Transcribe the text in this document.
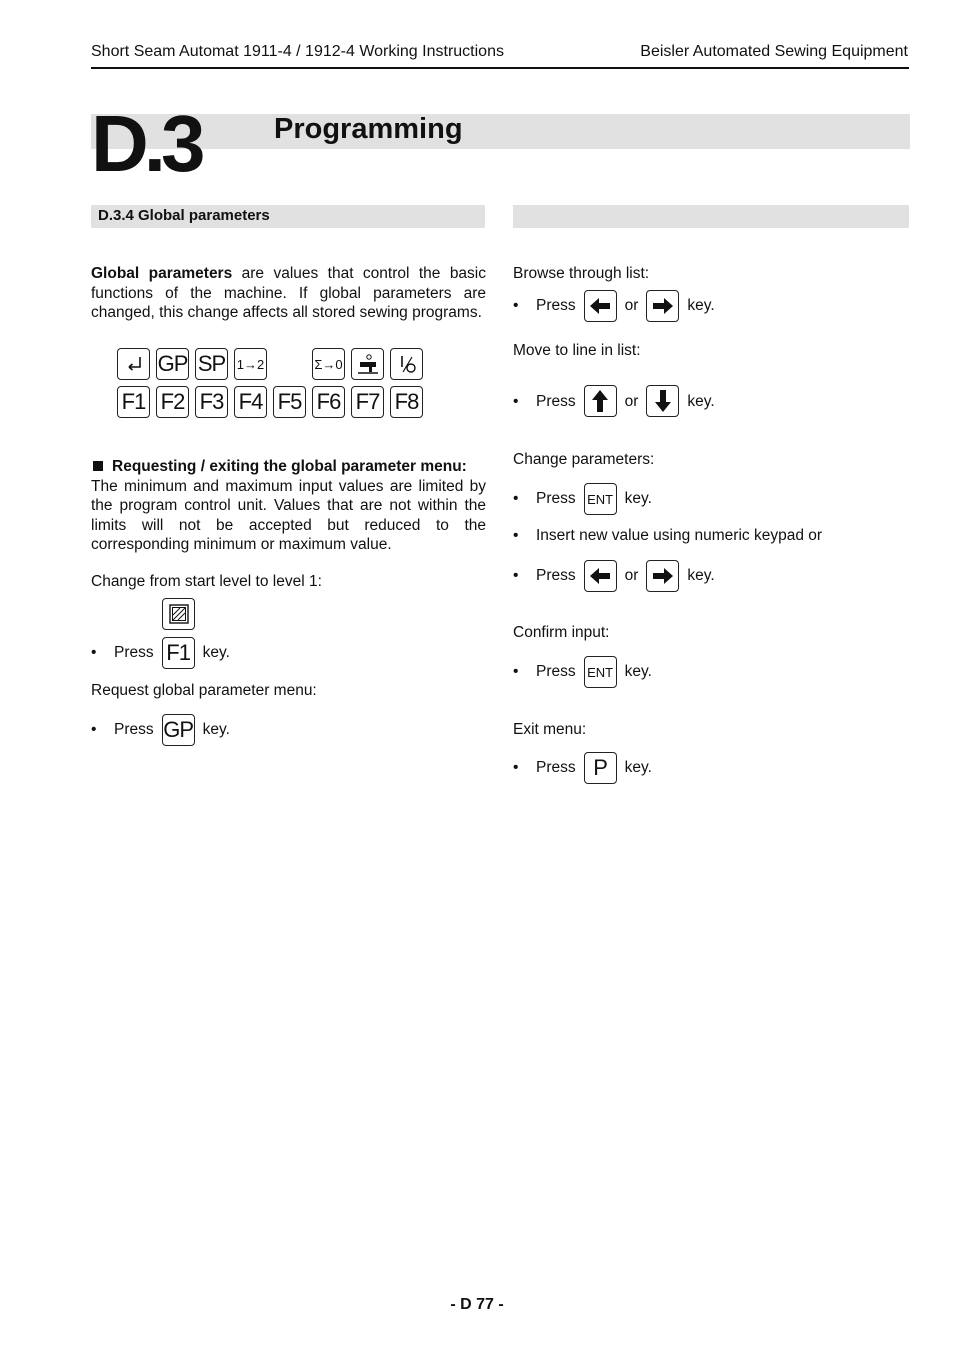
Short Seam Automat 1911-4 / 1912-4 Working Instructions	Beisler Automated Sewing Equipment
D.3	Programming
D.3.4 Global parameters
Global parameters are values that control the basic functions of the machine. If global parameters are changed, this change affects all stored sewing programs.
GP SP 1→2	Σ→0
F1 F2 F3 F4 F5 F6 F7 F8
Requesting / exiting the global parameter menu:
The minimum and maximum input values are limited by the program control unit. Values that are not within the limits will not be accepted but reduced to the corresponding minimum or maximum value.
Change from start level to level 1:
•	Press F1 key.
Request global parameter menu:
•	Press GP key.
Browse through list:
•	Press	or	key.
Move to line in list:
•	Press	or	key.
Change parameters:
•	Press ENT key.
•	Insert new value using numeric keypad or
•	Press	or	key.
Confirm input:
•	Press ENT key.
Exit menu:
•	Press P	key.
- D 77 -
